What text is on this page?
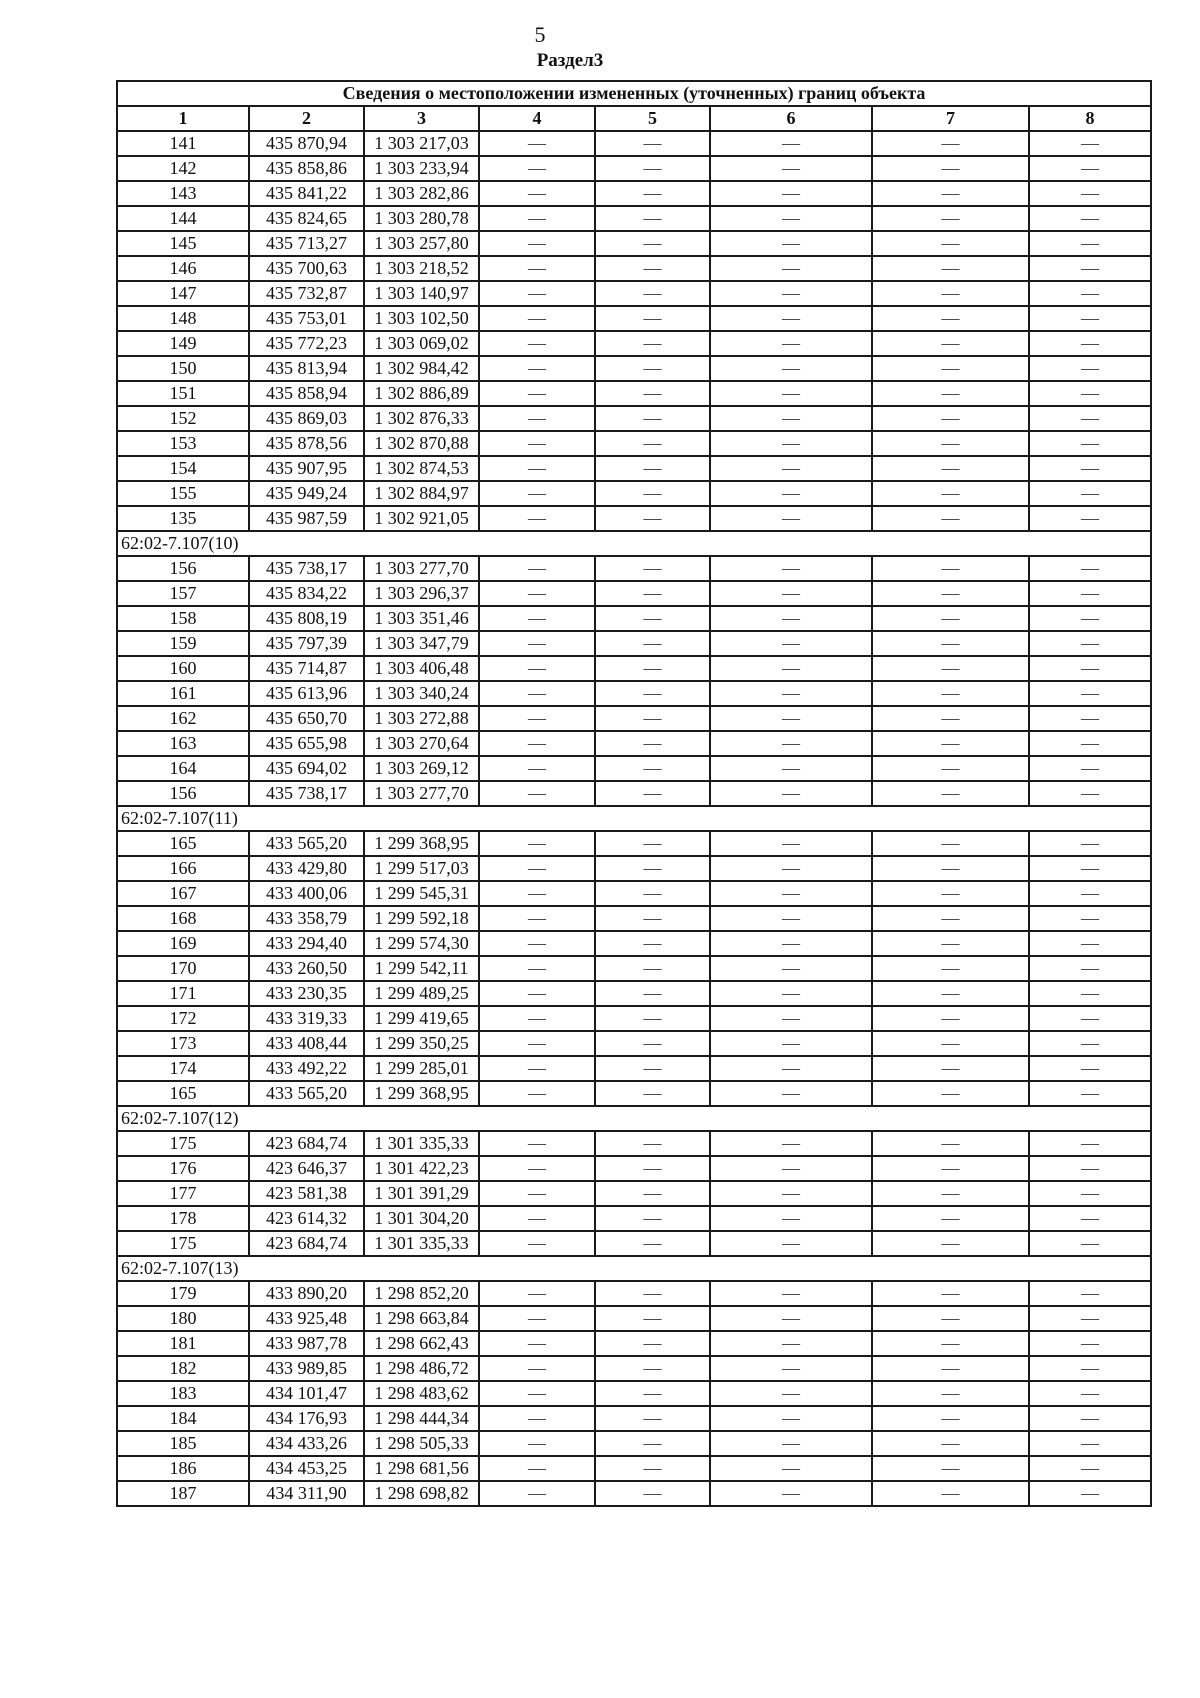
5
Раздел3
Сведения о местоположении измененных (уточненных) границ объекта							
1	2	3	4	5	6	7	8
141	435 870,94	1 303 217,03	—	—	—	—	—
142	435 858,86	1 303 233,94	—	—	—	—	—
143	435 841,22	1 303 282,86	—	—	—	—	—
144	435 824,65	1 303 280,78	—	—	—	—	—
145	435 713,27	1 303 257,80	—	—	—	—	—
146	435 700,63	1 303 218,52	—	—	—	—	—
147	435 732,87	1 303 140,97	—	—	—	—	—
148	435 753,01	1 303 102,50	—	—	—	—	—
149	435 772,23	1 303 069,02	—	—	—	—	—
150	435 813,94	1 302 984,42	—	—	—	—	—
151	435 858,94	1 302 886,89	—	—	—	—	—
152	435 869,03	1 302 876,33	—	—	—	—	—
153	435 878,56	1 302 870,88	—	—	—	—	—
154	435 907,95	1 302 874,53	—	—	—	—	—
155	435 949,24	1 302 884,97	—	—	—	—	—
135	435 987,59	1 302 921,05	—	—	—	—	—
62:02-7.107(10)							
156	435 738,17	1 303 277,70	—	—	—	—	—
157	435 834,22	1 303 296,37	—	—	—	—	—
158	435 808,19	1 303 351,46	—	—	—	—	—
159	435 797,39	1 303 347,79	—	—	—	—	—
160	435 714,87	1 303 406,48	—	—	—	—	—
161	435 613,96	1 303 340,24	—	—	—	—	—
162	435 650,70	1 303 272,88	—	—	—	—	—
163	435 655,98	1 303 270,64	—	—	—	—	—
164	435 694,02	1 303 269,12	—	—	—	—	—
156	435 738,17	1 303 277,70	—	—	—	—	—
62:02-7.107(11)							
165	433 565,20	1 299 368,95	—	—	—	—	—
166	433 429,80	1 299 517,03	—	—	—	—	—
167	433 400,06	1 299 545,31	—	—	—	—	—
168	433 358,79	1 299 592,18	—	—	—	—	—
169	433 294,40	1 299 574,30	—	—	—	—	—
170	433 260,50	1 299 542,11	—	—	—	—	—
171	433 230,35	1 299 489,25	—	—	—	—	—
172	433 319,33	1 299 419,65	—	—	—	—	—
173	433 408,44	1 299 350,25	—	—	—	—	—
174	433 492,22	1 299 285,01	—	—	—	—	—
165	433 565,20	1 299 368,95	—	—	—	—	—
62:02-7.107(12)							
175	423 684,74	1 301 335,33	—	—	—	—	—
176	423 646,37	1 301 422,23	—	—	—	—	—
177	423 581,38	1 301 391,29	—	—	—	—	—
178	423 614,32	1 301 304,20	—	—	—	—	—
175	423 684,74	1 301 335,33	—	—	—	—	—
62:02-7.107(13)							
179	433 890,20	1 298 852,20	—	—	—	—	—
180	433 925,48	1 298 663,84	—	—	—	—	—
181	433 987,78	1 298 662,43	—	—	—	—	—
182	433 989,85	1 298 486,72	—	—	—	—	—
183	434 101,47	1 298 483,62	—	—	—	—	—
184	434 176,93	1 298 444,34	—	—	—	—	—
185	434 433,26	1 298 505,33	—	—	—	—	—
186	434 453,25	1 298 681,56	—	—	—	—	—
187	434 311,90	1 298 698,82	—	—	—	—	—
